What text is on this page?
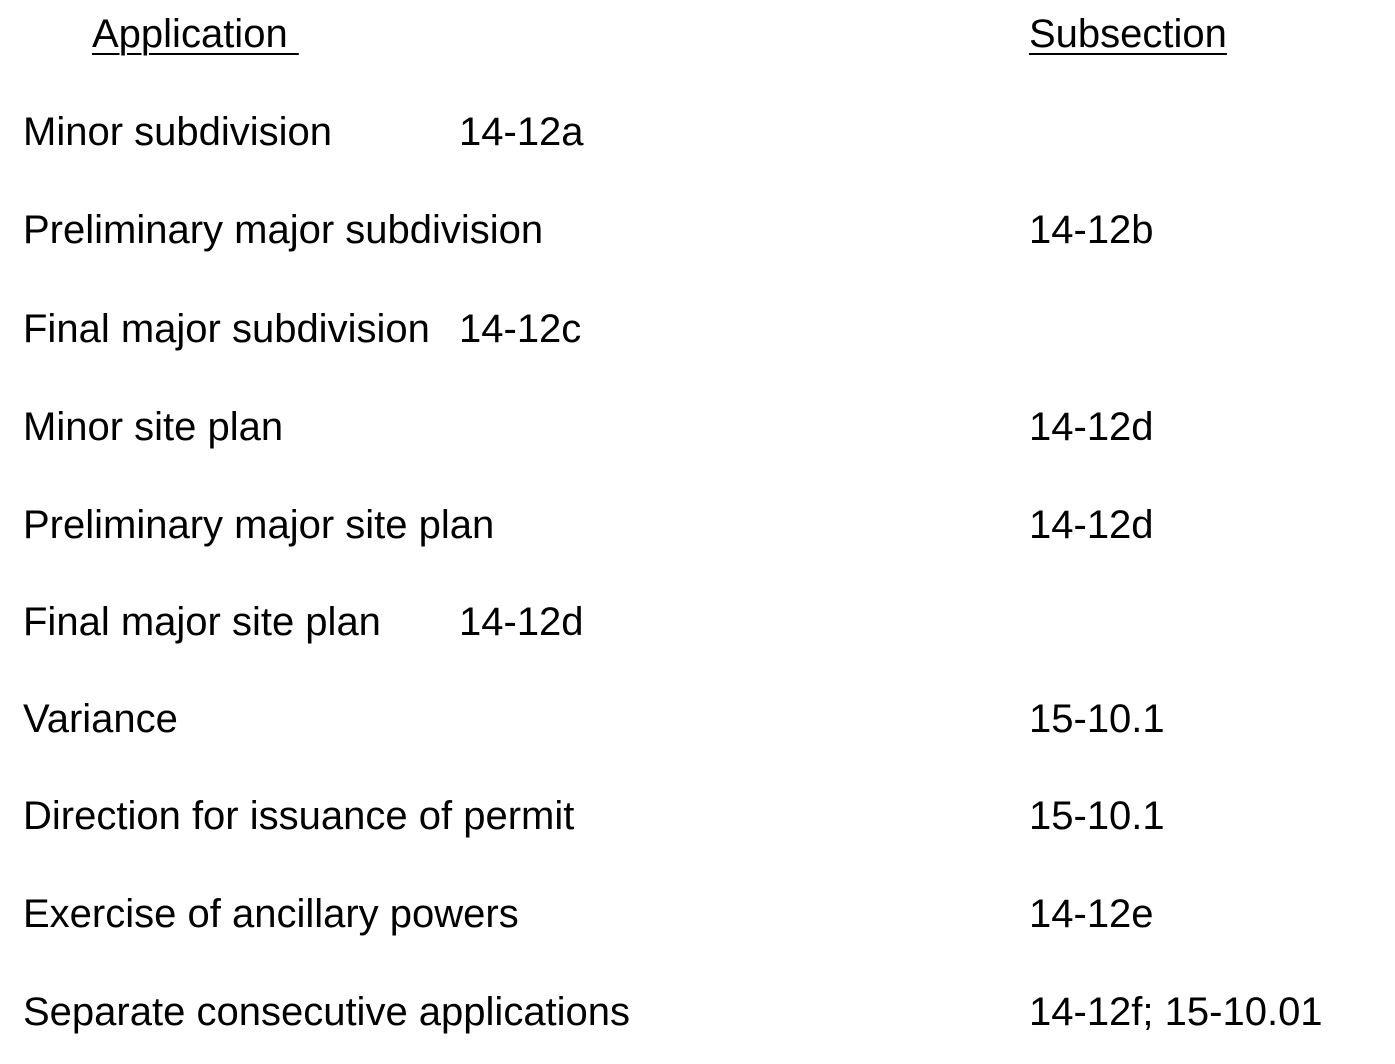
Application	Subsection
Minor subdivision	14-12a
Preliminary major subdivision	14-12b
Final major subdivision 14-12c
Minor site plan	14-12d
Preliminary major site plan	14-12d
Final major site plan 14-12d
Variance	15-10.1
Direction for issuance of permit	15-10.1
Exercise of ancillary powers	14-12e
Separate consecutive applications	14-12f; 15-10.01
